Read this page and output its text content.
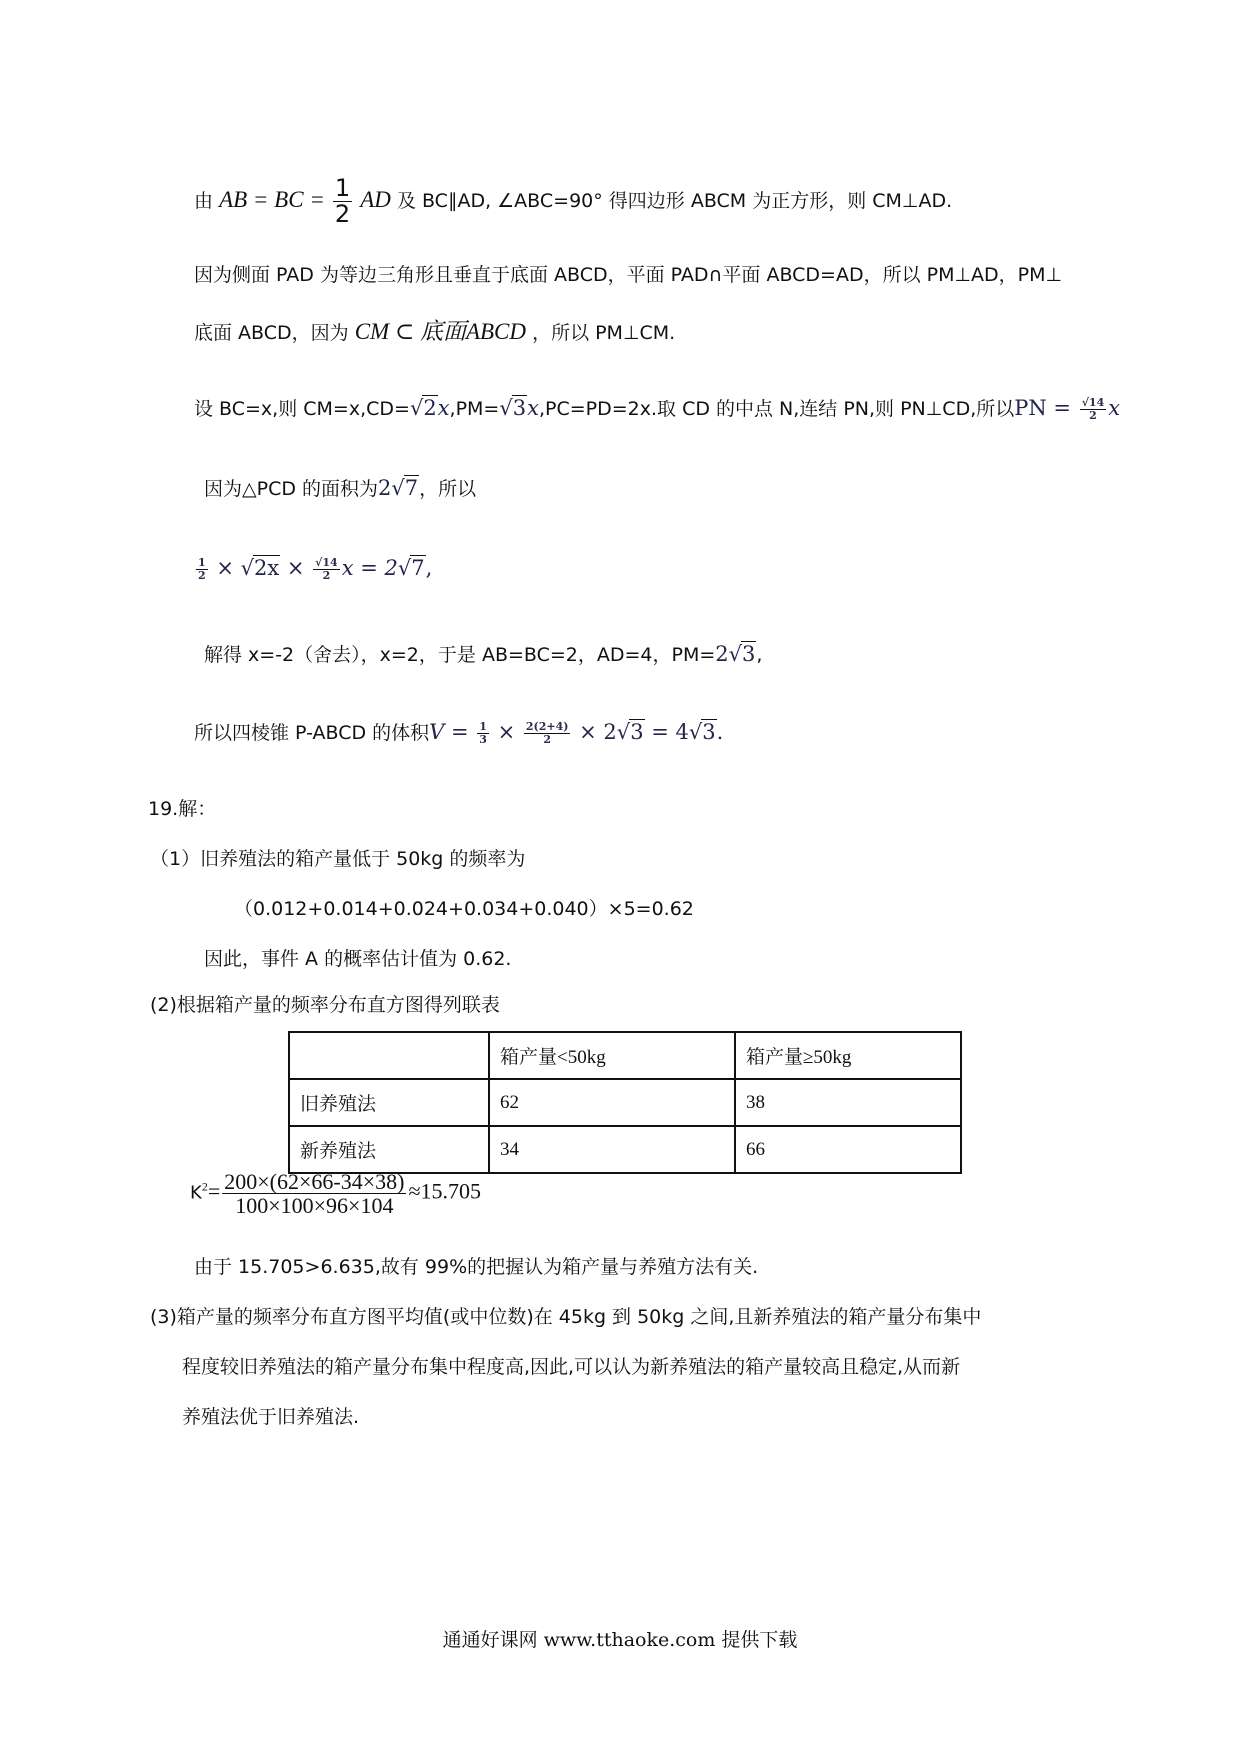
由 AB = BC = $\frac{1}{2}$ AD 及 BC∥AD, ∠ABC=90° 得四边形 ABCM 为正方形，则 CM⊥AD.
因为侧面 PAD 为等边三角形且垂直于底面 ABCD，平面 PAD∩平面 ABCD=AD，所以 PM⊥AD，PM⊥
底面 ABCD，因为 CM ⊂ 底面ABCD ，所以 PM⊥CM.
设 BC=x,则 CM=x,CD=√2x,PM=√3x,PC=PD=2x.取 CD 的中点 N,连结 PN,则 PN⊥CD,所以PN = $\frac{√14}{2}$ x
因为△PCD 的面积为2√7，所以
$\frac{1}{2} \times √2x \times \frac{√14}{2}$ x = 2√7,
解得 x=-2（舍去），x=2，于是 AB=BC=2，AD=4，PM=2√3,
所以四棱锥 P-ABCD 的体积$V = \frac{1}{3} \times \frac{2(2+4)}{2} \times 2√3 = 4√3$.
19.解：
（1）旧养殖法的箱产量低于 50kg 的频率为
（0.012+0.014+0.024+0.034+0.040）×5=0.62
因此，事件 A 的概率估计值为 0.62.
(2)根据箱产量的频率分布直方图得列联表
	箱产量<50kg	箱产量≥50kg
旧养殖法	62	38
新养殖法	34	66
$K^2= \frac{200\times(62\times 66-34\times 38)}{100\times 100\times 96\times 104} \approx 15.705$
由于 15.705>6.635,故有 99%的把握认为箱产量与养殖方法有关.
(3)箱产量的频率分布直方图平均值(或中位数)在 45kg 到 50kg 之间,且新养殖法的箱产量分布集中
程度较旧养殖法的箱产量分布集中程度高,因此,可以认为新养殖法的箱产量较高且稳定,从而新
养殖法优于旧养殖法.
通通好课网 www.tthaoke.com 提供下载
